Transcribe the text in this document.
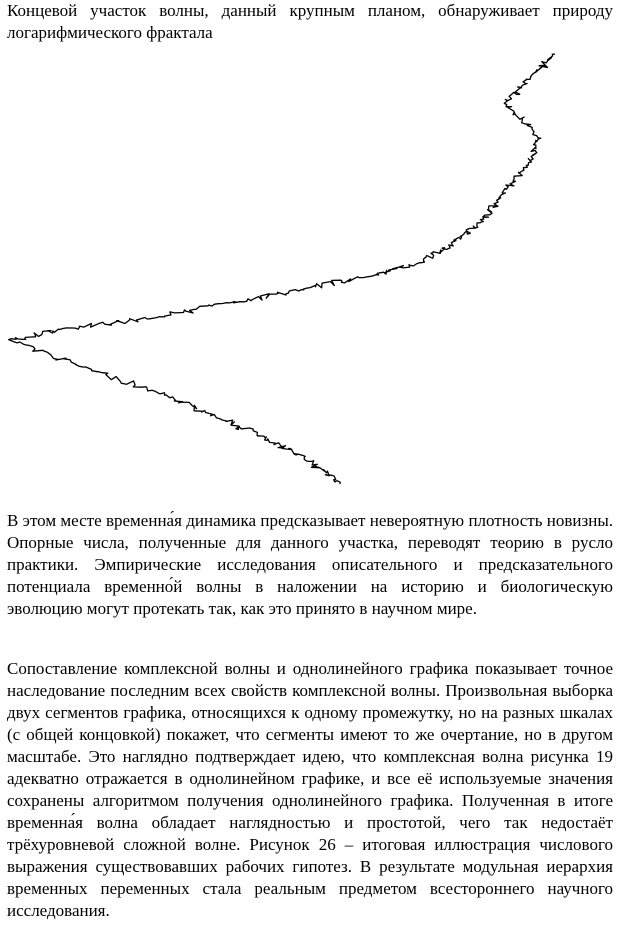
Концевой участок волны, данный крупным планом, обнаруживает природу логарифмического фрактала

В этом месте временна́я динамика предсказывает невероятную плотность новизны. Опорные числа, полученные для данного участка, переводят теорию в русло практики. Эмпирические исследования описательного и предсказательного потенциала временно́й волны в наложении на историю и биологическую эволюцию могут протекать так, как это принято в научном мире.

Сопоставление комплексной волны и однолинейного графика показывает точное наследование последним всех свойств комплексной волны. Произвольная выборка двух сегментов графика, относящихся к одному промежутку, но на разных шкалах (с общей концовкой) покажет, что сегменты имеют то же очертание, но в другом масштабе. Это наглядно подтверждает идею, что комплексная волна рисунка 19 адекватно отражается в однолинейном графике, и все её используемые значения сохранены алгоритмом получения однолинейного графика. Полученная в итоге временна́я волна обладает наглядностью и простотой, чего так недостаёт трёхуровневой сложной волне. Рисунок 26 – итоговая иллюстрация числового выражения существовавших рабочих гипотез. В результате модульная иерархия временных переменных стала реальным предметом всестороннего научного исследования.
